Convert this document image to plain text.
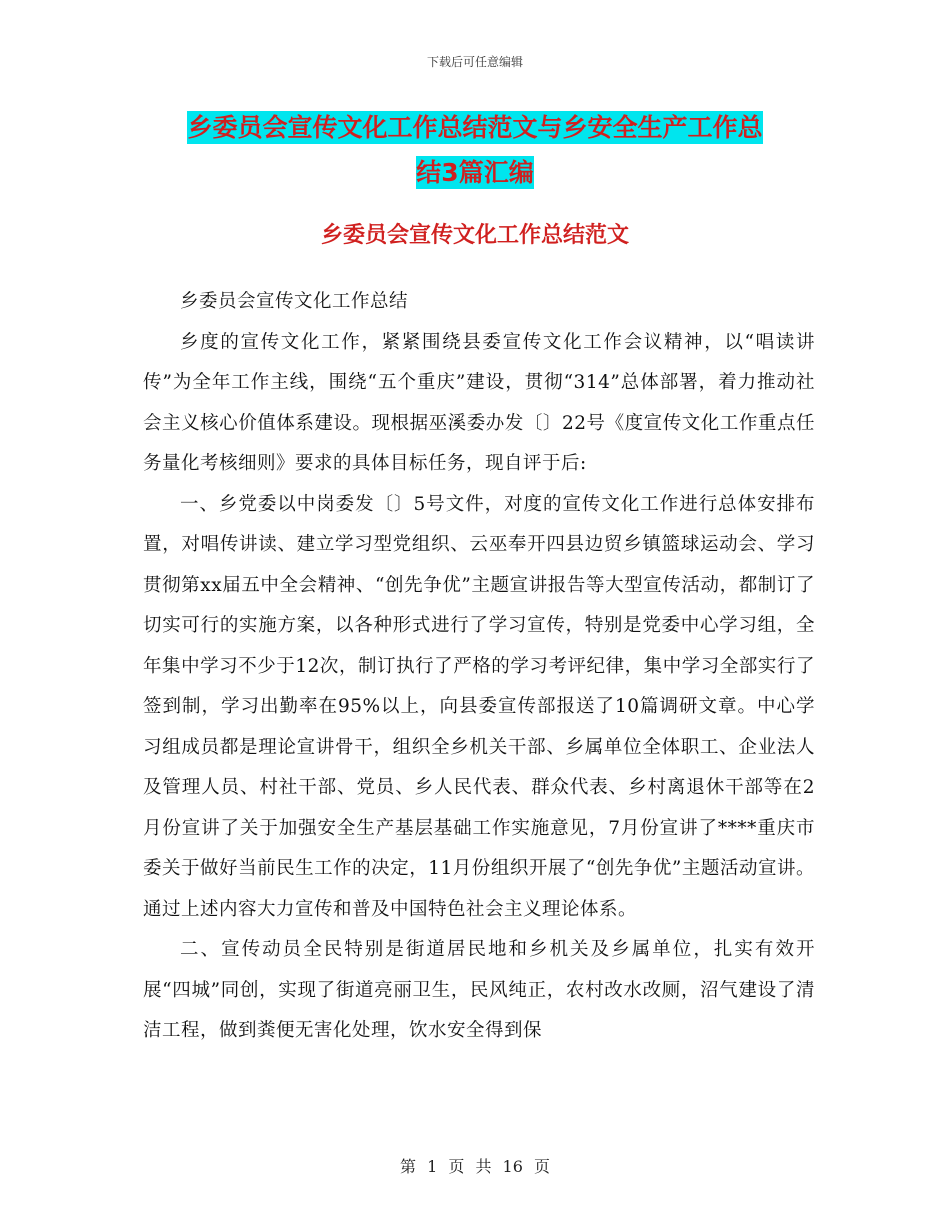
下载后可任意编辑
乡委员会宣传文化工作总结范文与乡安全生产工作总
结3篇汇编
乡委员会宣传文化工作总结范文

乡委员会宣传文化工作总结

乡度的宣传文化工作，紧紧围绕县委宣传文化工作会议精神，以“唱读讲传”为全年工作主线，围绕“五个重庆”建设，贯彻“314”总体部署，着力推动社会主义核心价值体系建设。现根据巫溪委办发〔〕22号《度宣传文化工作重点任务量化考核细则》要求的具体目标任务，现自评于后:

一、乡党委以中岗委发〔〕5号文件，对度的宣传文化工作进行总体安排布置，对唱传讲读、建立学习型党组织、云巫奉开四县边贸乡镇篮球运动会、学习贯彻第xx届五中全会精神、“创先争优”主题宣讲报告等大型宣传活动，都制订了切实可行的实施方案，以各种形式进行了学习宣传，特别是党委中心学习组，全年集中学习不少于12次，制订执行了严格的学习考评纪律，集中学习全部实行了签到制，学习出勤率在95%以上，向县委宣传部报送了10篇调研文章。中心学习组成员都是理论宣讲骨干，组织全乡机关干部、乡属单位全体职工、企业法人及管理人员、村社干部、党员、乡人民代表、群众代表、乡村离退休干部等在2月份宣讲了关于加强安全生产基层基础工作实施意见，7月份宣讲了****重庆市委关于做好当前民生工作的决定，11月份组织开展了“创先争优”主题活动宣讲。通过上述内容大力宣传和普及中国特色社会主义理论体系。

二、宣传动员全民特别是街道居民地和乡机关及乡属单位，扎实有效开展“四城”同创，实现了街道亮丽卫生，民风纯正，农村改水改厕，沼气建设了清洁工程，做到粪便无害化处理，饮水安全得到保

第 1 页 共 16 页
